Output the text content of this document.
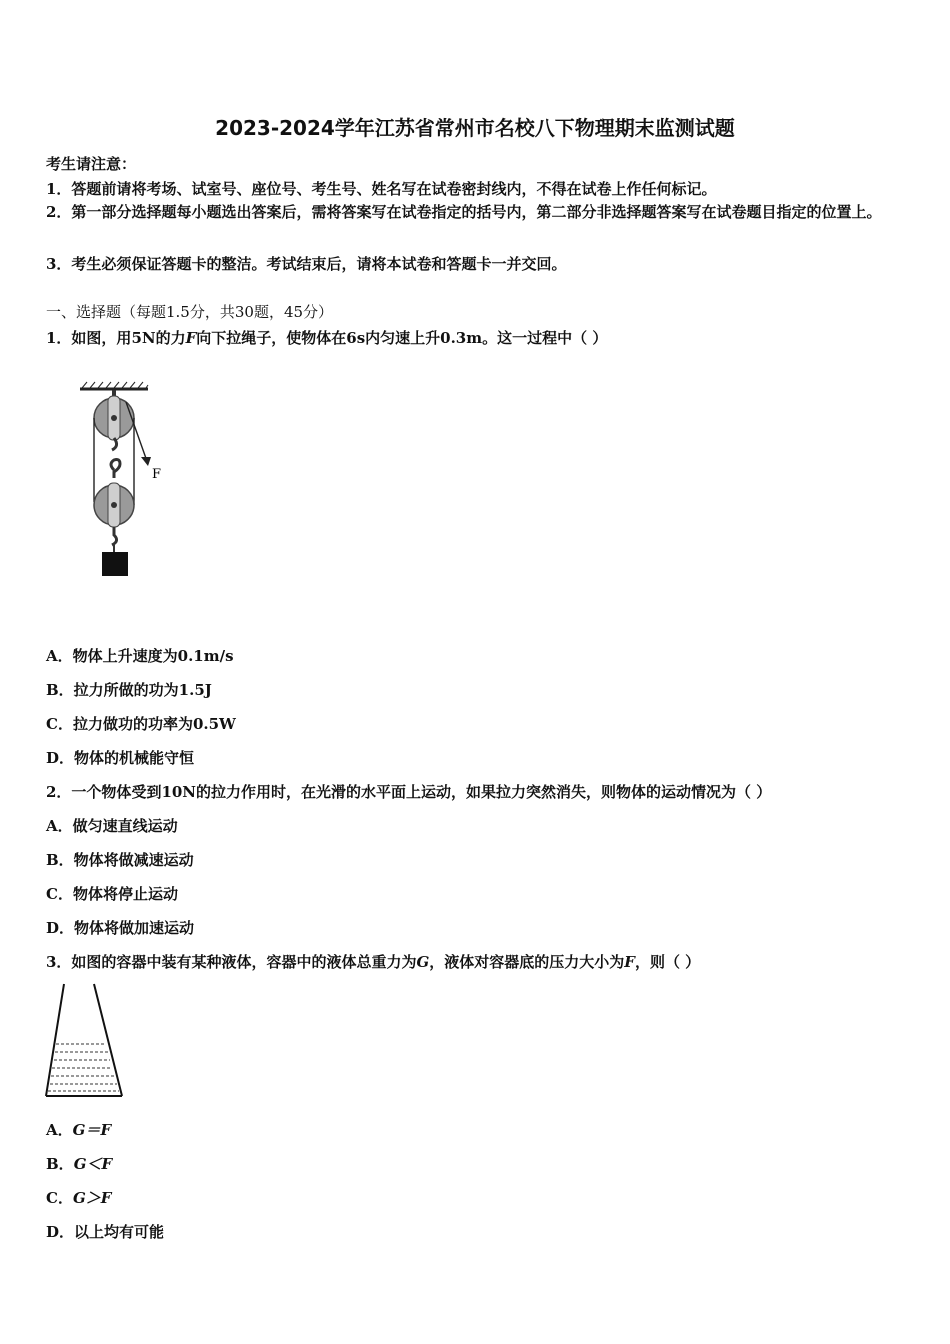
2023-2024学年江苏省常州市名校八下物理期末监测试题
考生请注意：
1．答题前请将考场、试室号、座位号、考生号、姓名写在试卷密封线内，不得在试卷上作任何标记。
2．第一部分选择题每小题选出答案后，需将答案写在试卷指定的括号内，第二部分非选择题答案写在试卷题目指定的位置上。
3．考生必须保证答题卡的整洁。考试结束后，请将本试卷和答题卡一并交回。
一、选择题（每题1.5分，共30题，45分）
1．如图，用5N的力F向下拉绳子，使物体在6s内匀速上升0.3m。这一过程中（ ）
F
A．物体上升速度为0.1m/s
B．拉力所做的功为1.5J
C．拉力做功的功率为0.5W
D．物体的机械能守恒
2．一个物体受到10N的拉力作用时，在光滑的水平面上运动，如果拉力突然消失，则物体的运动情况为（ ）
A．做匀速直线运动
B．物体将做减速运动
C．物体将停止运动
D．物体将做加速运动
3．如图的容器中装有某种液体，容器中的液体总重力为G，液体对容器底的压力大小为F，则（ ）
A．G＝F
B．G＜F
C．G＞F
D．以上均有可能
